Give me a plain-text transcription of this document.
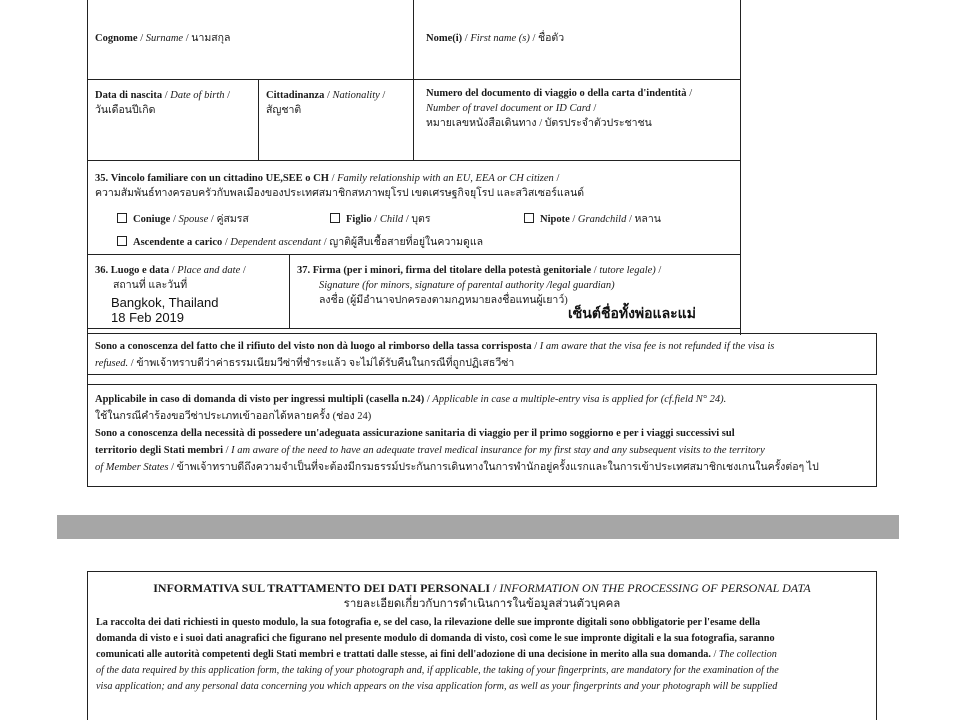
Cognome / Surname / นามสกุล	Nome(i) / First name (s) / ชื่อตัว
Data di nascita / Date of birth /
วันเดือนปีเกิด
Cittadinanza / Nationality /
สัญชาติ
Numero del documento di viaggio o della carta d'indentità /
Number of travel document or ID Card /
หมายเลขหนังสือเดินทาง / บัตรประจำตัวประชาชน
35. Vincolo familiare con un cittadino UE,SEE o CH / Family relationship with an EU, EEA or CH citizen /
ความสัมพันธ์ทางครอบครัวกับพลเมืองของประเทศสมาชิกสหภาพยุโรป เขตเศรษฐกิจยุโรป และสวิสเซอร์แลนด์
Coniuge / Spouse / คู่สมรส	Figlio / Child / บุตร	Nipote / Grandchild / หลาน
Ascendente a carico / Dependent ascendant / ญาติผู้สืบเชื้อสายที่อยู่ในความดูแล
36. Luogo e data / Place and date /
สถานที่ และวันที่
Bangkok, Thailand
18 Feb 2019
37. Firma (per i minori, firma del titolare della potestà genitoriale / tutore legale) /
Signature (for minors, signature of parental authority /legal guardian)
ลงชื่อ (ผู้มีอำนาจปกครองตามกฎหมายลงชื่อแทนผู้เยาว์)
เซ็นต์ชื่อทั้งพ่อและแม่
Sono a conoscenza del fatto che il rifiuto del visto non dà luogo al rimborso della tassa corrisposta / I am aware that the visa fee is not refunded if the visa is
refused. / ข้าพเจ้าทราบดีว่าค่าธรรมเนียมวีซ่าที่ชำระแล้ว จะไม่ได้รับคืนในกรณีที่ถูกปฏิเสธวีซ่า
Applicabile in caso di domanda di visto per ingressi multipli (casella n.24) / Applicable in case a multiple-entry visa is applied for (cf.field N° 24).
ใช้ในกรณีคำร้องขอวีซ่าประเภทเข้าออกได้หลายครั้ง (ช่อง 24)
Sono a conoscenza della necessità di possedere un'adeguata assicurazione sanitaria di viaggio per il primo soggiorno e per i viaggi successivi sul
territorio degli Stati membri / I am aware of the need to have an adequate travel medical insurance for my first stay and any subsequent visits to the territory
of Member States / ข้าพเจ้าทราบดีถึงความจำเป็นที่จะต้องมีกรมธรรม์ประกันการเดินทางในการพำนักอยู่ครั้งแรกและในการเข้าประเทศสมาชิกเชงเกนในครั้งต่อๆ ไป
INFORMATIVA SUL TRATTAMENTO DEI DATI PERSONALI / INFORMATION ON THE PROCESSING OF PERSONAL DATA
รายละเอียดเกี่ยวกับการดำเนินการในข้อมูลส่วนตัวบุคคล
La raccolta dei dati richiesti in questo modulo, la sua fotografia e, se del caso, la rilevazione delle sue impronte digitali sono obbligatorie per l'esame della
domanda di visto e i suoi dati anagrafici che figurano nel presente modulo di domanda di visto, così come le sue impronte digitali e la sua fotografia, saranno
comunicati alle autorità competenti degli Stati membri e trattati dalle stesse, ai fini dell'adozione di una decisione in merito alla sua domanda. / The collection
of the data required by this application form, the taking of your photograph and, if applicable, the taking of your fingerprints, are mandatory for the examination of the
visa application; and any personal data concerning you which appears on the visa application form, as well as your fingerprints and your photograph will be supplied
